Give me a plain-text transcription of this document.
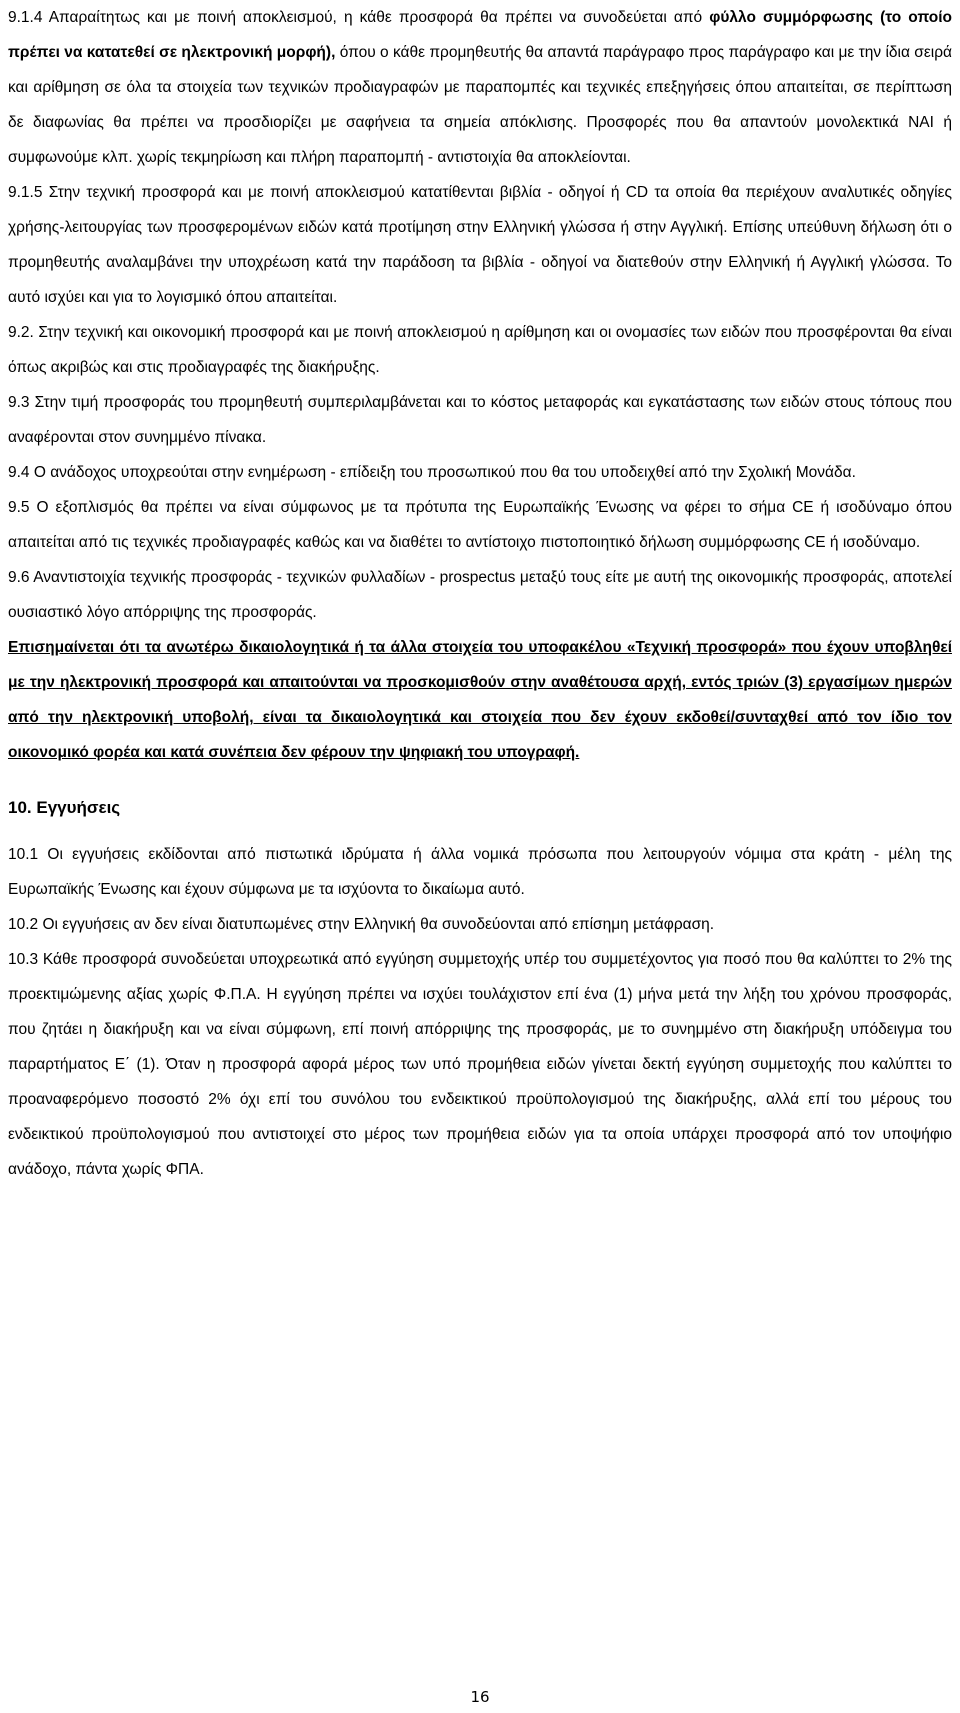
9.1.4 Απαραίτητως και με ποινή αποκλεισμού, η κάθε προσφορά θα πρέπει να συνοδεύεται από φύλλο συμμόρφωσης (το οποίο πρέπει να κατατεθεί σε ηλεκτρονική μορφή), όπου ο κάθε προμηθευτής θα απαντά παράγραφο προς παράγραφο και με την ίδια σειρά και αρίθμηση σε όλα τα στοιχεία των τεχνικών προδιαγραφών με παραπομπές και τεχνικές επεξηγήσεις όπου απαιτείται, σε περίπτωση δε διαφωνίας θα πρέπει να προσδιορίζει με σαφήνεια τα σημεία απόκλισης. Προσφορές που θα απαντούν μονολεκτικά ΝΑΙ ή συμφωνούμε κλπ. χωρίς τεκμηρίωση και πλήρη παραπομπή - αντιστοιχία θα αποκλείονται.

9.1.5 Στην τεχνική προσφορά και με ποινή αποκλεισμού κατατίθενται βιβλία - οδηγοί ή CD τα οποία θα περιέχουν αναλυτικές οδηγίες χρήσης-λειτουργίας των προσφερομένων ειδών κατά προτίμηση στην Ελληνική γλώσσα ή στην Αγγλική. Επίσης υπεύθυνη δήλωση ότι ο προμηθευτής αναλαμβάνει την υποχρέωση κατά την παράδοση τα βιβλία - οδηγοί να διατεθούν στην Ελληνική ή Αγγλική γλώσσα. Το αυτό ισχύει και για το λογισμικό όπου απαιτείται.

9.2. Στην τεχνική και οικονομική προσφορά και με ποινή αποκλεισμού η αρίθμηση και οι ονομασίες των ειδών που προσφέρονται θα είναι όπως ακριβώς και στις προδιαγραφές της διακήρυξης.

9.3 Στην τιμή προσφοράς του προμηθευτή συμπεριλαμβάνεται και το κόστος μεταφοράς και εγκατάστασης των ειδών στους τόπους που αναφέρονται στον συνημμένο πίνακα.

9.4 Ο ανάδοχος υποχρεούται στην ενημέρωση - επίδειξη του προσωπικού που θα του υποδειχθεί από την Σχολική Μονάδα.

9.5 Ο εξοπλισμός θα πρέπει να είναι σύμφωνος με τα πρότυπα της Ευρωπαϊκής Ένωσης να φέρει το σήμα CE ή ισοδύναμο όπου απαιτείται από τις τεχνικές προδιαγραφές καθώς και να διαθέτει το αντίστοιχο πιστοποιητικό δήλωση συμμόρφωσης CE ή ισοδύναμο.

9.6 Αναντιστοιχία τεχνικής προσφοράς - τεχνικών φυλλαδίων - prospectus μεταξύ τους είτε με αυτή της οικονομικής προσφοράς, αποτελεί ουσιαστικό λόγο απόρριψης της προσφοράς.

Επισημαίνεται ότι τα ανωτέρω δικαιολογητικά ή τα άλλα στοιχεία του υποφακέλου «Τεχνική προσφορά» που έχουν υποβληθεί με την ηλεκτρονική προσφορά και απαιτούνται να προσκομισθούν στην αναθέτουσα αρχή, εντός τριών (3) εργασίμων ημερών από την ηλεκτρονική υποβολή, είναι τα δικαιολογητικά και στοιχεία που δεν έχουν εκδοθεί/συνταχθεί από τον ίδιο τον οικονομικό φορέα και κατά συνέπεια δεν φέρουν την ψηφιακή του υπογραφή.

10. Εγγυήσεις

10.1 Οι εγγυήσεις εκδίδονται από πιστωτικά ιδρύματα ή άλλα νομικά πρόσωπα που λειτουργούν νόμιμα στα κράτη - μέλη της Ευρωπαϊκής Ένωσης και έχουν σύμφωνα με τα ισχύοντα το δικαίωμα αυτό.

10.2 Οι εγγυήσεις αν δεν είναι διατυπωμένες στην Ελληνική θα συνοδεύονται από επίσημη μετάφραση.

10.3 Κάθε προσφορά συνοδεύεται υποχρεωτικά από εγγύηση συμμετοχής υπέρ του συμμετέχοντος για ποσό που θα καλύπτει το 2% της προεκτιμώμενης αξίας χωρίς Φ.Π.Α. Η εγγύηση πρέπει να ισχύει τουλάχιστον επί ένα (1) μήνα μετά την λήξη του χρόνου προσφοράς, που ζητάει η διακήρυξη και να είναι σύμφωνη, επί ποινή απόρριψης της προσφοράς, με το συνημμένο στη διακήρυξη υπόδειγμα του παραρτήματος Ε΄ (1). Όταν η προσφορά αφορά μέρος των υπό προμήθεια ειδών γίνεται δεκτή εγγύηση συμμετοχής που καλύπτει το προαναφερόμενο ποσοστό 2% όχι επί του συνόλου του ενδεικτικού προϋπολογισμού της διακήρυξης, αλλά επί του μέρους του ενδεικτικού προϋπολογισμού που αντιστοιχεί στο μέρος των προμήθεια ειδών για τα οποία υπάρχει προσφορά από τον υποψήφιο ανάδοχο, πάντα χωρίς ΦΠΑ.

16
